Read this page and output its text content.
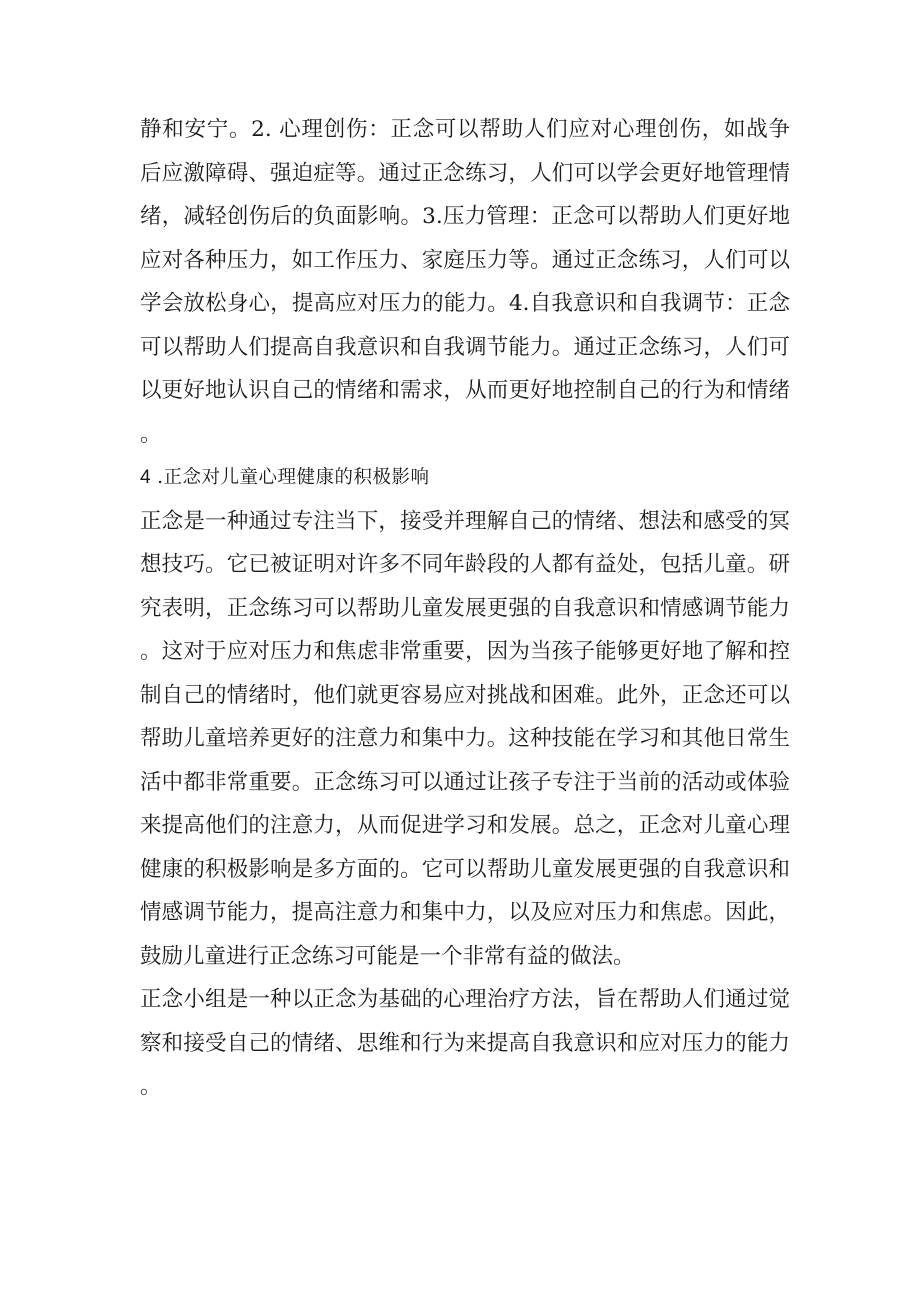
静和安宁。2. 心理创伤：正念可以帮助人们应对心理创伤，如战争后应激障碍、强迫症等。通过正念练习，人们可以学会更好地管理情绪，减轻创伤后的负面影响。3.压力管理：正念可以帮助人们更好地应对各种压力，如工作压力、家庭压力等。通过正念练习，人们可以学会放松身心，提高应对压力的能力。4.自我意识和自我调节：正念可以帮助人们提高自我意识和自我调节能力。通过正念练习，人们可以更好地认识自己的情绪和需求，从而更好地控制自己的行为和情绪。

4 .正念对儿童心理健康的积极影响

正念是一种通过专注当下，接受并理解自己的情绪、想法和感受的冥想技巧。它已被证明对许多不同年龄段的人都有益处，包括儿童。研究表明，正念练习可以帮助儿童发展更强的自我意识和情感调节能力。这对于应对压力和焦虑非常重要，因为当孩子能够更好地了解和控制自己的情绪时，他们就更容易应对挑战和困难。此外，正念还可以帮助儿童培养更好的注意力和集中力。这种技能在学习和其他日常生活中都非常重要。正念练习可以通过让孩子专注于当前的活动或体验来提高他们的注意力，从而促进学习和发展。总之，正念对儿童心理健康的积极影响是多方面的。它可以帮助儿童发展更强的自我意识和情感调节能力，提高注意力和集中力，以及应对压力和焦虑。因此，鼓励儿童进行正念练习可能是一个非常有益的做法。

正念小组是一种以正念为基础的心理治疗方法，旨在帮助人们通过觉察和接受自己的情绪、思维和行为来提高自我意识和应对压力的能力。
